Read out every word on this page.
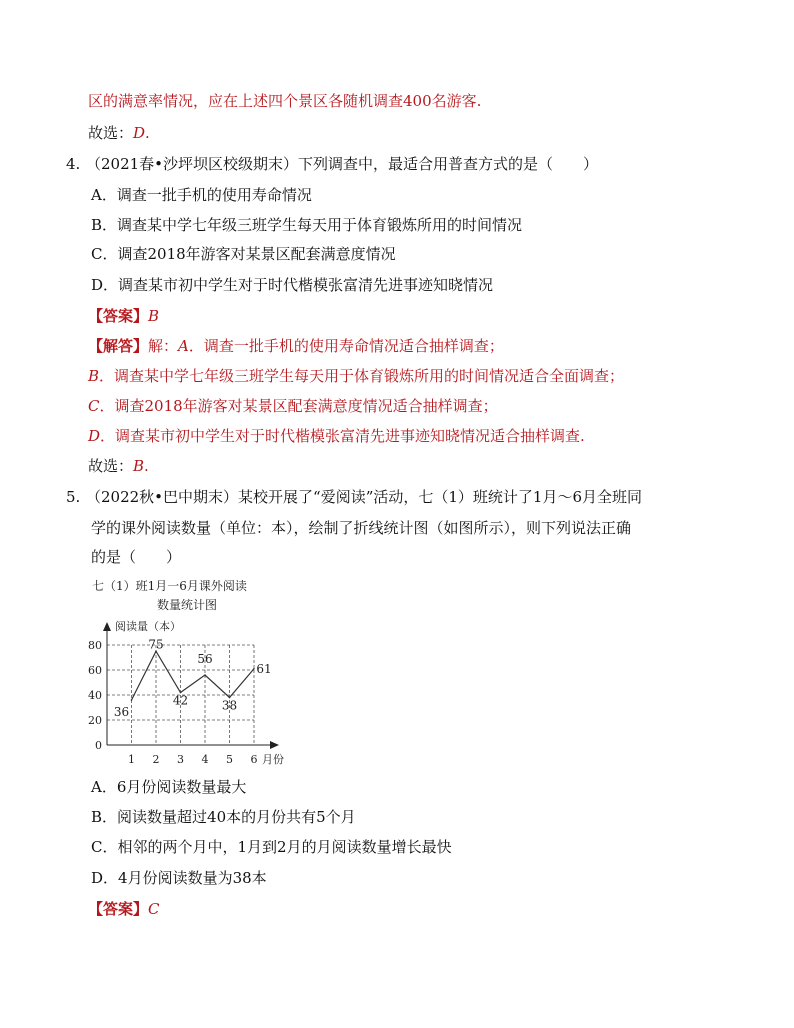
区的满意率情况，应在上述四个景区各随机调查400名游客.
故选：D.
4. （2021春•沙坪坝区校级期末）下列调查中，最适合用普查方式的是（　　）
A．调查一批手机的使用寿命情况
B．调查某中学七年级三班学生每天用于体育锻炼所用的时间情况
C．调查2018年游客对某景区配套满意度情况
D．调查某市初中学生对于时代楷模张富清先进事迹知晓情况
【答案】B
【解答】解：A．调查一批手机的使用寿命情况适合抽样调查；
B．调查某中学七年级三班学生每天用于体育锻炼所用的时间情况适合全面调查；
C．调查2018年游客对某景区配套满意度情况适合抽样调查；
D．调查某市初中学生对于时代楷模张富清先进事迹知晓情况适合抽样调查.
故选：B.
5. （2022秋•巴中期末）某校开展了“爱阅读”活动，七（1）班统计了1月～6月全班同
学的课外阅读数量（单位：本），绘制了折线统计图（如图所示），则下列说法正确
的是（　　）
七（1）班1月一6月课外阅读
数量统计图
0
20
40
60
80
1 2 3 4 5 6
阅读量（本）
月份
36
75
42
56
38
61
A．6月份阅读数量最大
B．阅读数量超过40本的月份共有5个月
C．相邻的两个月中，1月到2月的月阅读数量增长最快
D．4月份阅读数量为38本
【答案】C
